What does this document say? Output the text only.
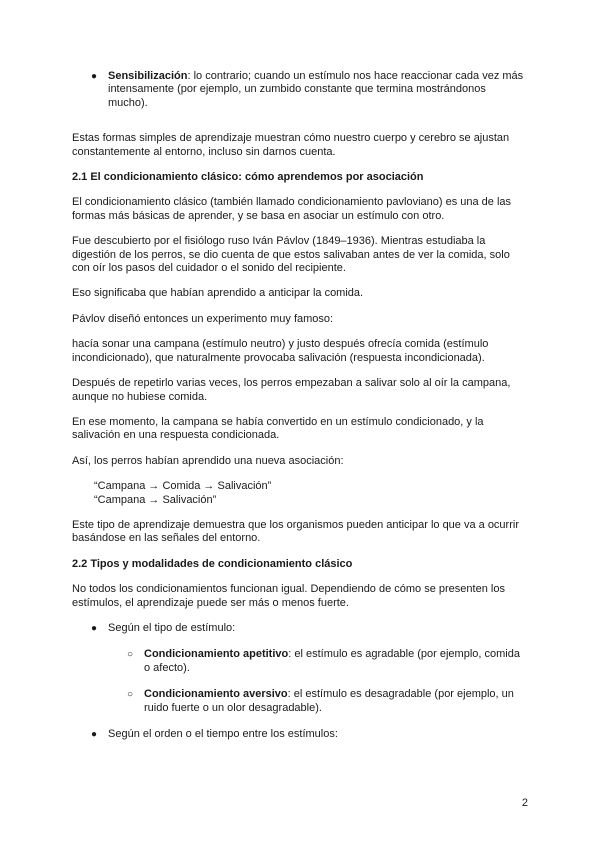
● Sensibilización: lo contrario; cuando un estímulo nos hace reaccionar cada vez más intensamente (por ejemplo, un zumbido constante que termina mostrándonos mucho).

Estas formas simples de aprendizaje muestran cómo nuestro cuerpo y cerebro se ajustan constantemente al entorno, incluso sin darnos cuenta.

2.1 El condicionamiento clásico: cómo aprendemos por asociación

El condicionamiento clásico (también llamado condicionamiento pavloviano) es una de las formas más básicas de aprender, y se basa en asociar un estímulo con otro.

Fue descubierto por el fisiólogo ruso Iván Pávlov (1849–1936). Mientras estudiaba la digestión de los perros, se dio cuenta de que estos salivaban antes de ver la comida, solo con oír los pasos del cuidador o el sonido del recipiente.

Eso significaba que habían aprendido a anticipar la comida.

Pávlov diseñó entonces un experimento muy famoso:

hacía sonar una campana (estímulo neutro) y justo después ofrecía comida (estímulo incondicionado), que naturalmente provocaba salivación (respuesta incondicionada).

Después de repetirlo varias veces, los perros empezaban a salivar solo al oír la campana, aunque no hubiese comida.

En ese momento, la campana se había convertido en un estímulo condicionado, y la salivación en una respuesta condicionada.

Así, los perros habían aprendido una nueva asociación:

“Campana → Comida → Salivación”
“Campana → Salivación”

Este tipo de aprendizaje demuestra que los organismos pueden anticipar lo que va a ocurrir basándose en las señales del entorno.

2.2 Tipos y modalidades de condicionamiento clásico

No todos los condicionamientos funcionan igual. Dependiendo de cómo se presenten los estímulos, el aprendizaje puede ser más o menos fuerte.

● Según el tipo de estímulo:
○ Condicionamiento apetitivo: el estímulo es agradable (por ejemplo, comida o afecto).
○ Condicionamiento aversivo: el estímulo es desagradable (por ejemplo, un ruido fuerte o un olor desagradable).
● Según el orden o el tiempo entre los estímulos:
2
